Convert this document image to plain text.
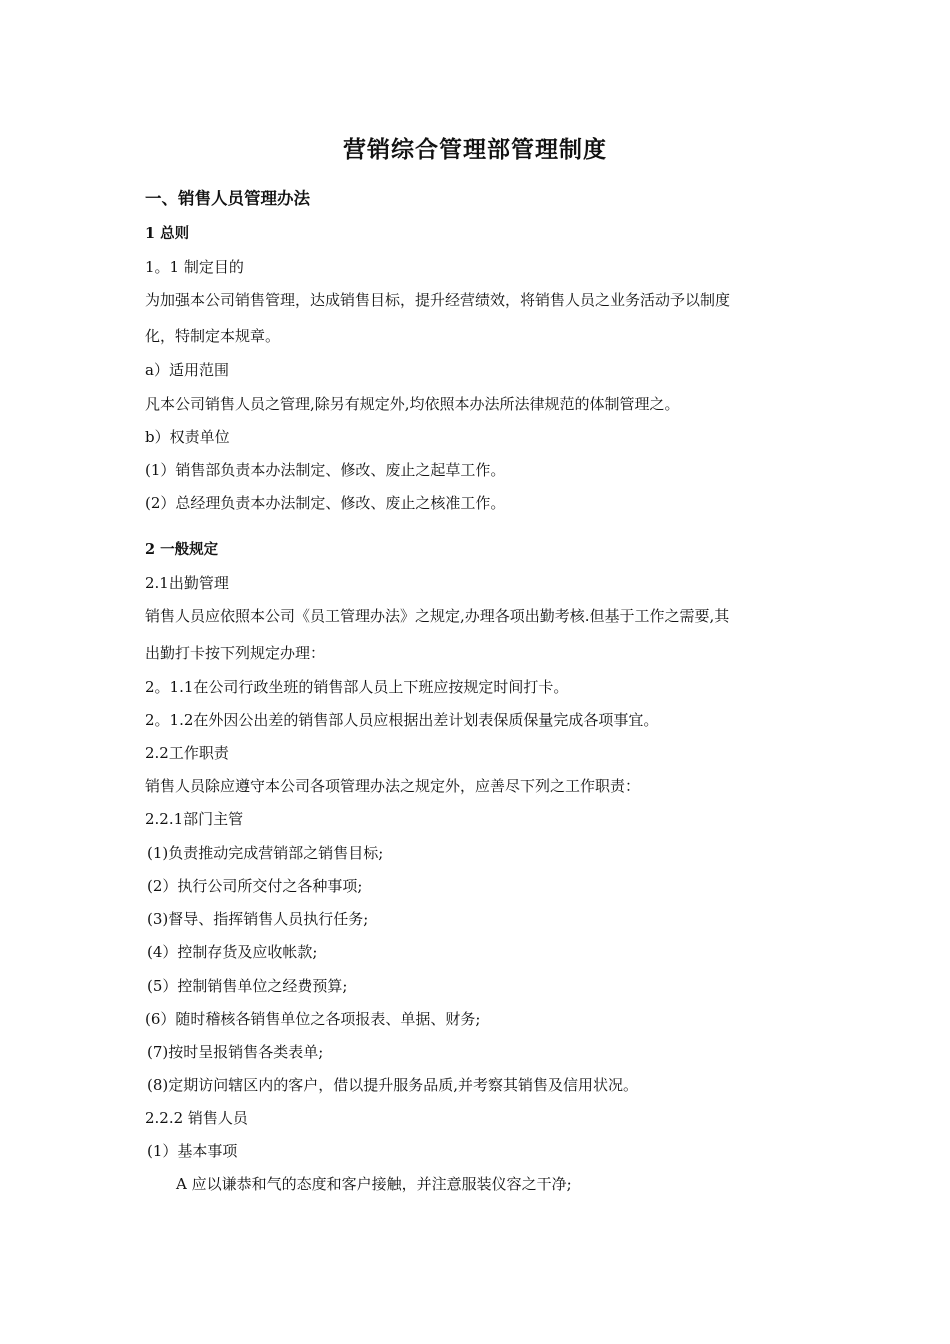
营销综合管理部管理制度
一、销售人员管理办法
1 总则
1。1 制定目的
为加强本公司销售管理，达成销售目标，提升经营绩效，将销售人员之业务活动予以制度
化，特制定本规章。
a）适用范围
凡本公司销售人员之管理,除另有规定外,均依照本办法所法律规范的体制管理之。
b）权责单位
(1）销售部负责本办法制定、修改、废止之起草工作。
(2）总经理负责本办法制定、修改、废止之核准工作。
2 一般规定
2.1出勤管理
销售人员应依照本公司《员工管理办法》之规定,办理各项出勤考核.但基于工作之需要,其
出勤打卡按下列规定办理：
2。1.1在公司行政坐班的销售部人员上下班应按规定时间打卡。
2。1.2在外因公出差的销售部人员应根据出差计划表保质保量完成各项事宜。
2.2工作职责
销售人员除应遵守本公司各项管理办法之规定外，应善尽下列之工作职责：
2.2.1部门主管
(1)负责推动完成营销部之销售目标;
(2）执行公司所交付之各种事项;
(3)督导、指挥销售人员执行任务;
(4）控制存货及应收帐款;
(5）控制销售单位之经费预算;
(6）随时稽核各销售单位之各项报表、单据、财务;
(7)按时呈报销售各类表单;
(8)定期访问辖区内的客户，借以提升服务品质,并考察其销售及信用状况。
2.2.2 销售人员
(1）基本事项
A 应以谦恭和气的态度和客户接触，并注意服装仪容之干净;
